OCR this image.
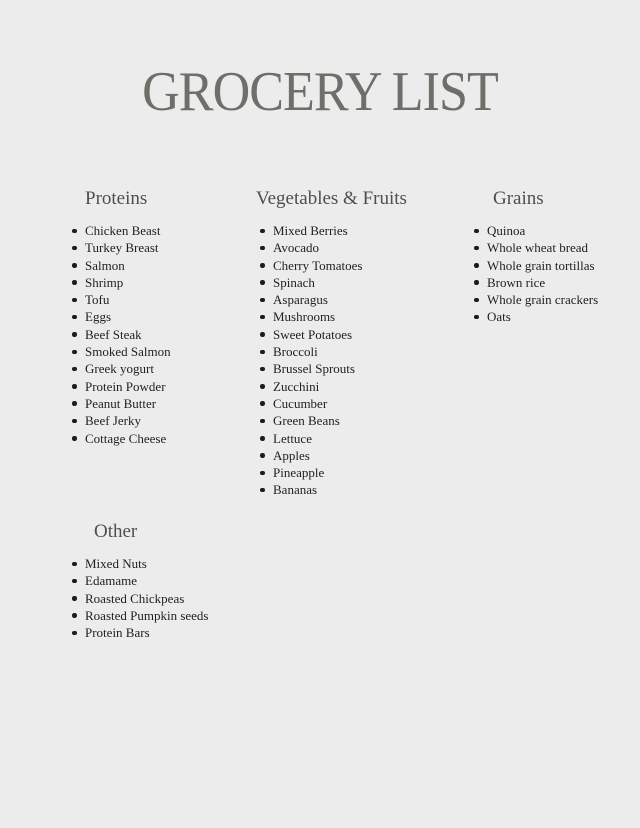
GROCERY LIST
Proteins
Chicken Beast
Turkey Breast
Salmon
Shrimp
Tofu
Eggs
Beef Steak
Smoked Salmon
Greek yogurt
Protein Powder
Peanut Butter
Beef Jerky
Cottage Cheese
Vegetables & Fruits
Mixed Berries
Avocado
Cherry Tomatoes
Spinach
Asparagus
Mushrooms
Sweet Potatoes
Broccoli
Brussel Sprouts
Zucchini
Cucumber
Green Beans
Lettuce
Apples
Pineapple
Bananas
Grains
Quinoa
Whole wheat bread
Whole grain tortillas
Brown rice
Whole grain crackers
Oats
Other
Mixed Nuts
Edamame
Roasted Chickpeas
Roasted Pumpkin seeds
Protein Bars
